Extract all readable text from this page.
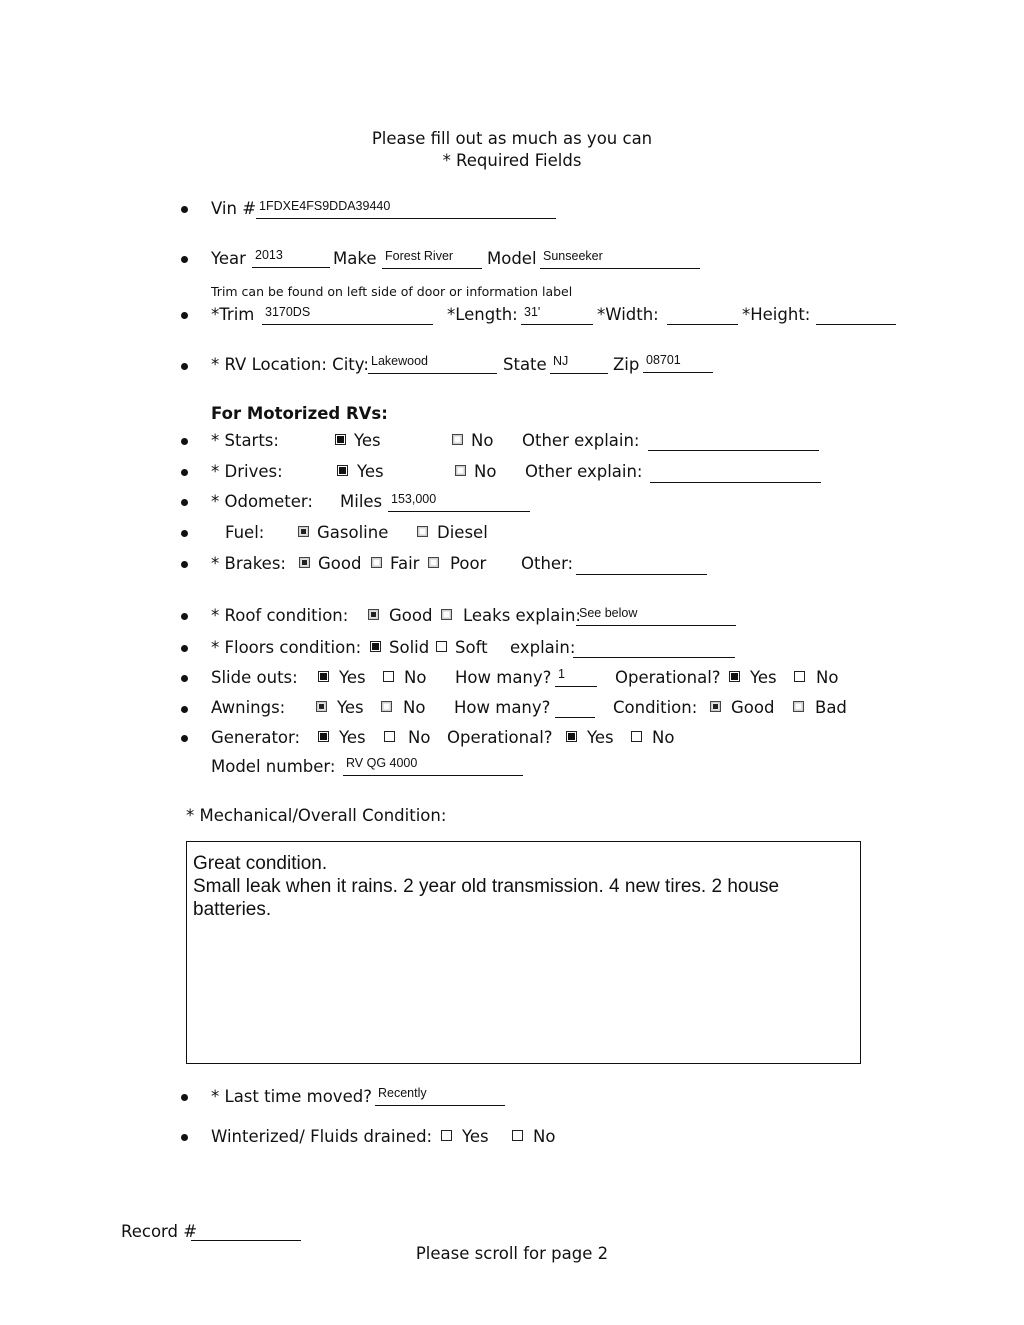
Please fill out as much as you can
* Required Fields
Vin # 1FDXE4FS9DDA39440
Year 2013	Make Forest River	Model Sunseeker
Trim can be found on left side of door or information label
*Trim 3170DS	*Length: 31'	*Width:	*Height:
* RV Location: City: Lakewood	State NJ	Zip 08701
For Motorized RVs:
* Starts:	Yes	No Other explain:
* Drives:	Yes	No Other explain:
* Odometer: Miles 153,000
Fuel:	Gasoline	Diesel
* Brakes: Good Fair Poor Other:
* Roof condition: Good Leaks explain:
See below
* Floors condition: Solid Soft explain:
Slide outs:	Yes No How many? 1	Operational? Yes No
Awnings:	Yes No How many?	Condition: Good Bad
Generator: Yes	No Operational? Yes No
Model number: RV QG 4000
* Mechanical/Overall Condition:
Great condition.
Small leak when it rains. 2 year old transmission. 4 new tires. 2 house batteries.
* Last time moved? Recently
Winterized/ Fluids drained: Yes	No
Record #
Please scroll for page 2
